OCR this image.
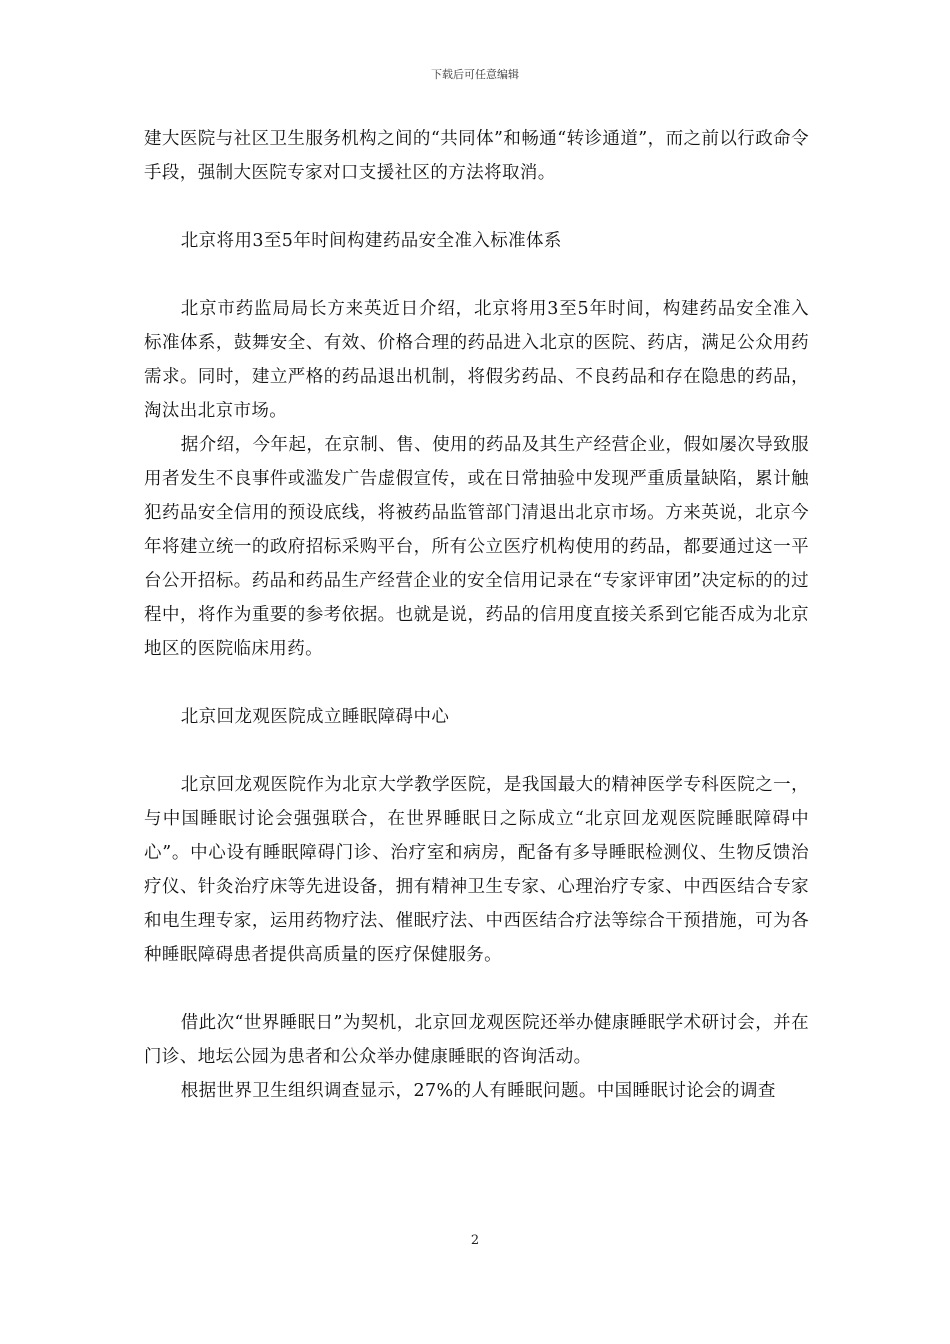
下载后可任意编辑

建大医院与社区卫生服务机构之间的“共同体”和畅通“转诊通道”，而之前以行政命令手段，强制大医院专家对口支援社区的方法将取消。

北京将用3至5年时间构建药品安全准入标准体系

北京市药监局局长方来英近日介绍，北京将用3至5年时间，构建药品安全准入标准体系，鼓舞安全、有效、价格合理的药品进入北京的医院、药店，满足公众用药需求。同时，建立严格的药品退出机制，将假劣药品、不良药品和存在隐患的药品，淘汰出北京市场。

据介绍，今年起，在京制、售、使用的药品及其生产经营企业，假如屡次导致服用者发生不良事件或滥发广告虚假宣传，或在日常抽验中发现严重质量缺陷，累计触犯药品安全信用的预设底线，将被药品监管部门清退出北京市场。方来英说，北京今年将建立统一的政府招标采购平台，所有公立医疗机构使用的药品，都要通过这一平台公开招标。药品和药品生产经营企业的安全信用记录在“专家评审团”决定标的的过程中，将作为重要的参考依据。也就是说，药品的信用度直接关系到它能否成为北京地区的医院临床用药。

北京回龙观医院成立睡眠障碍中心

北京回龙观医院作为北京大学教学医院，是我国最大的精神医学专科医院之一，与中国睡眠讨论会强强联合，在世界睡眠日之际成立“北京回龙观医院睡眠障碍中心”。中心设有睡眠障碍门诊、治疗室和病房，配备有多导睡眠检测仪、生物反馈治疗仪、针灸治疗床等先进设备，拥有精神卫生专家、心理治疗专家、中西医结合专家和电生理专家，运用药物疗法、催眠疗法、中西医结合疗法等综合干预措施，可为各种睡眠障碍患者提供高质量的医疗保健服务。

借此次“世界睡眠日”为契机，北京回龙观医院还举办健康睡眠学术研讨会，并在门诊、地坛公园为患者和公众举办健康睡眠的咨询活动。

根据世界卫生组织调查显示，27%的人有睡眠问题。中国睡眠讨论会的调查

2
